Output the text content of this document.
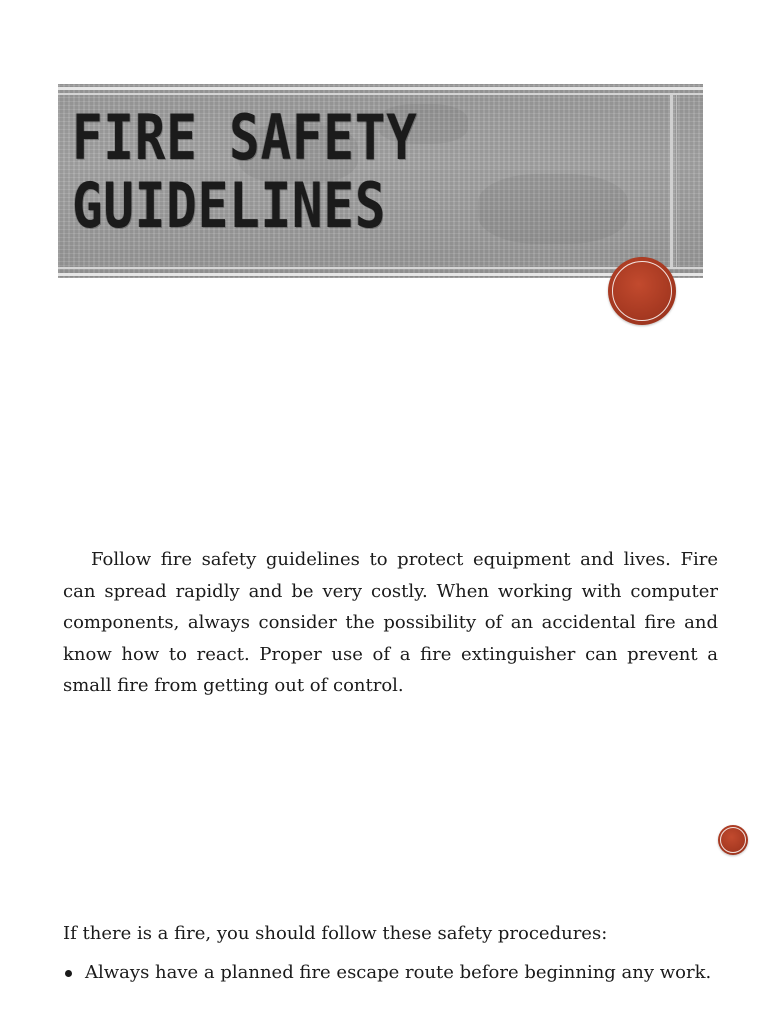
FIRE SAFETY
GUIDELINES

Follow fire safety guidelines to protect equipment and lives. Fire can spread rapidly and be very costly. When working with computer components, always consider the possibility of an accidental fire and know how to react. Proper use of a fire extinguisher can prevent a small fire from getting out of control.

If there is a fire, you should follow these safety procedures:

Always have a planned fire escape route before beginning any work.
